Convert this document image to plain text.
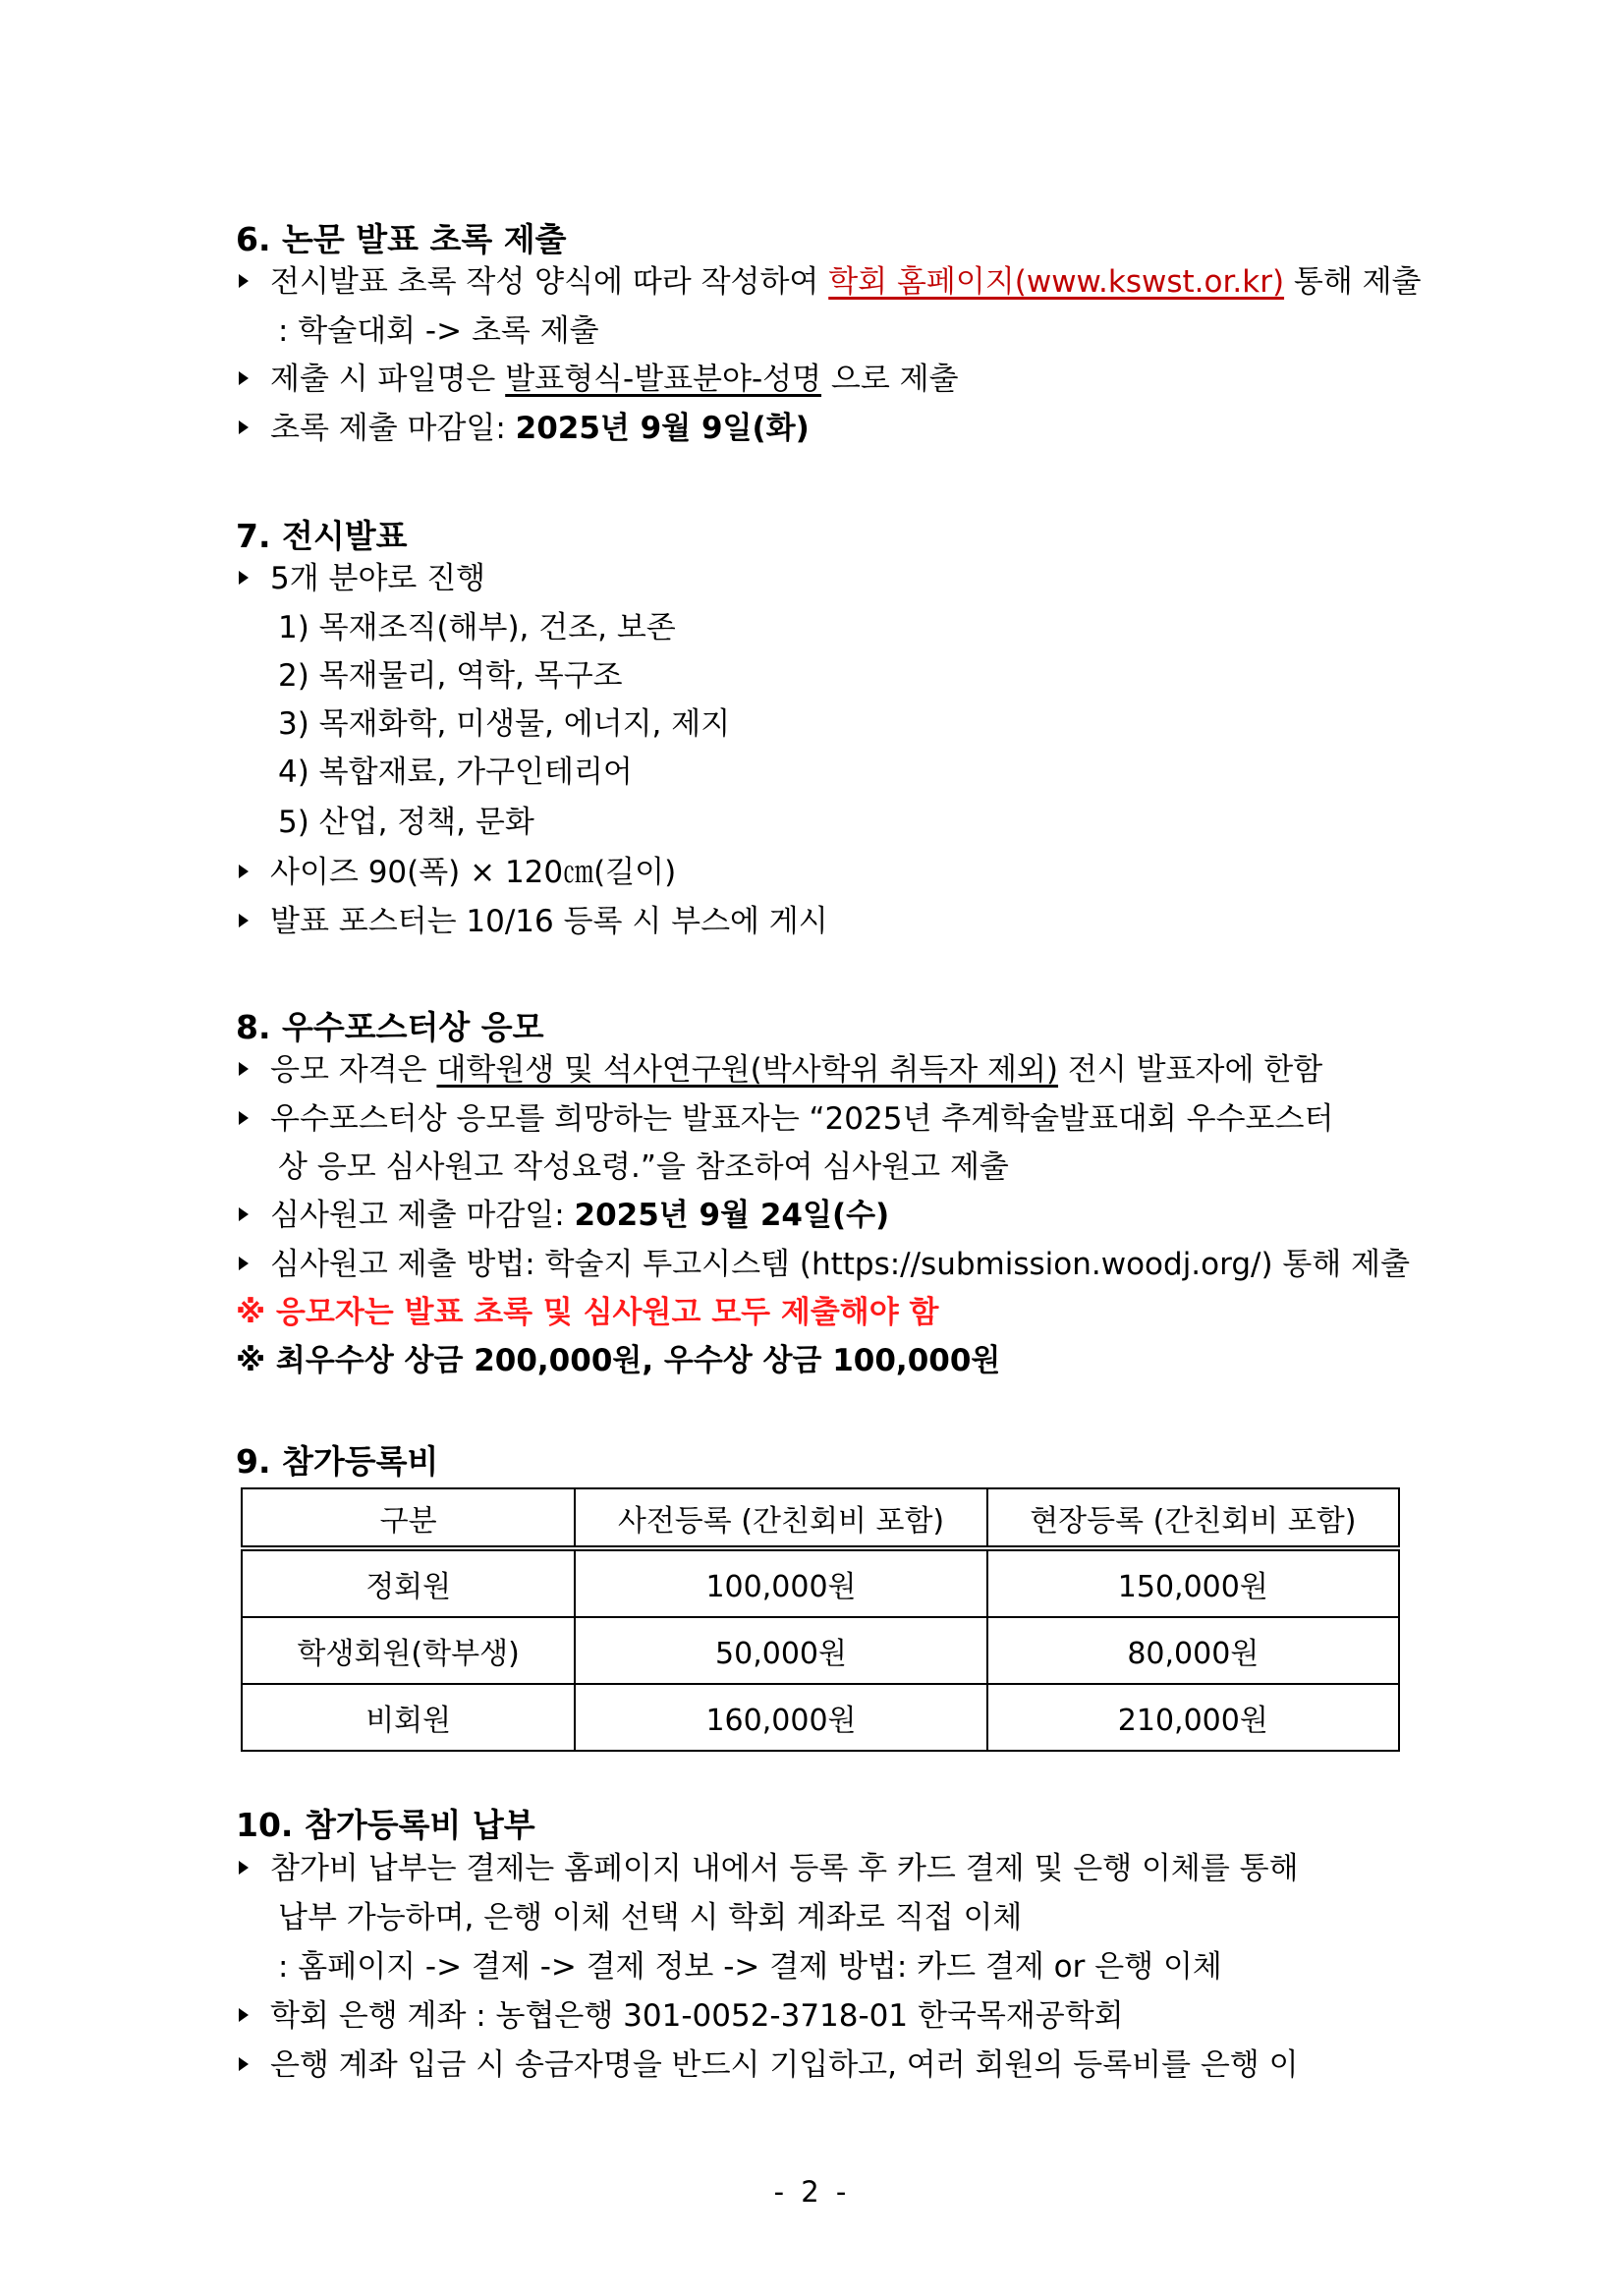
6. 논문 발표 초록 제출
전시발표 초록 작성 양식에 따라 작성하여 학회 홈페이지(www.kswst.or.kr) 통해 제출
: 학술대회 -> 초록 제출
제출 시 파일명은 발표형식-발표분야-성명 으로 제출
초록 제출 마감일: 2025년 9월 9일(화)
7. 전시발표
5개 분야로 진행
1) 목재조직(해부), 건조, 보존
2) 목재물리, 역학, 목구조
3) 목재화학, 미생물, 에너지, 제지
4) 복합재료, 가구인테리어
5) 산업, 정책, 문화
사이즈 90(폭) × 120㎝(길이)
발표 포스터는 10/16 등록 시 부스에 게시
8. 우수포스터상 응모
응모 자격은 대학원생 및 석사연구원(박사학위 취득자 제외) 전시 발표자에 한함
우수포스터상 응모를 희망하는 발표자는 “2025년 추계학술발표대회 우수포스터
상 응모 심사원고 작성요령.”을 참조하여 심사원고 제출
심사원고 제출 마감일: 2025년 9월 24일(수)
심사원고 제출 방법: 학술지 투고시스템 (https://submission.woodj.org/) 통해 제출
※ 응모자는 발표 초록 및 심사원고 모두 제출해야 함
※ 최우수상 상금 200,000원, 우수상 상금 100,000원
9. 참가등록비
구분	사전등록 (간친회비 포함)	현장등록 (간친회비 포함)
정회원	100,000원	150,000원
학생회원(학부생)	50,000원	80,000원
비회원	160,000원	210,000원
10. 참가등록비 납부
참가비 납부는 결제는 홈페이지 내에서 등록 후 카드 결제 및 은행 이체를 통해
납부 가능하며, 은행 이체 선택 시 학회 계좌로 직접 이체
: 홈페이지 -> 결제 -> 결제 정보 -> 결제 방법: 카드 결제 or 은행 이체
학회 은행 계좌 : 농협은행 301-0052-3718-01 한국목재공학회
은행 계좌 입금 시 송금자명을 반드시 기입하고, 여러 회원의 등록비를 은행 이
- 2 -
